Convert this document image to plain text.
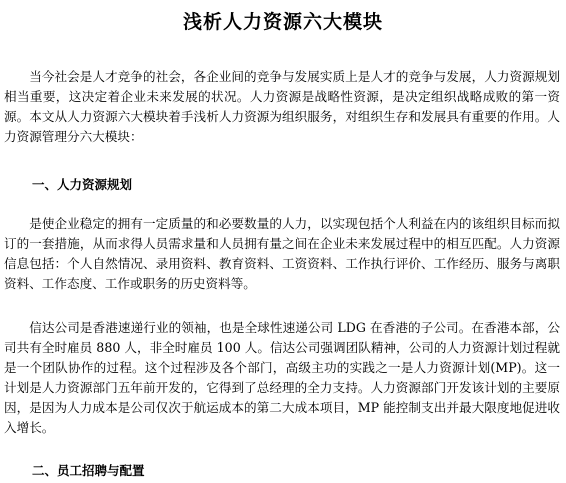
浅析人力资源六大模块

当今社会是人才竞争的社会，各企业间的竞争与发展实质上是人才的竞争与发展，人力资源规划相当重要，这决定着企业未来发展的状况。人力资源是战略性资源，是决定组织战略成败的第一资源。本文从人力资源六大模块着手浅析人力资源为组织服务，对组织生存和发展具有重要的作用。人力资源管理分六大模块：

一、人力资源规划

是使企业稳定的拥有一定质量的和必要数量的人力，以实现包括个人利益在内的该组织目标而拟订的一套措施，从而求得人员需求量和人员拥有量之间在企业未来发展过程中的相互匹配。人力资源信息包括：个人自然情况、录用资料、教育资料、工资资料、工作执行评价、工作经历、服务与离职资料、工作态度、工作或职务的历史资料等。

信达公司是香港速递行业的领袖，也是全球性速递公司 LDG 在香港的子公司。在香港本部，公司共有全时雇员 880 人，非全时雇员 100 人。信达公司强调团队精神，公司的人力资源计划过程就是一个团队协作的过程。这个过程涉及各个部门，高级主功的实践之一是人力资源计划(MP)。这一计划是人力资源部门五年前开发的，它得到了总经理的全力支持。人力资源部门开发该计划的主要原因，是因为人力成本是公司仅次于航运成本的第二大成本项目，MP 能控制支出并最大限度地促进收入增长。

二、员工招聘与配置
